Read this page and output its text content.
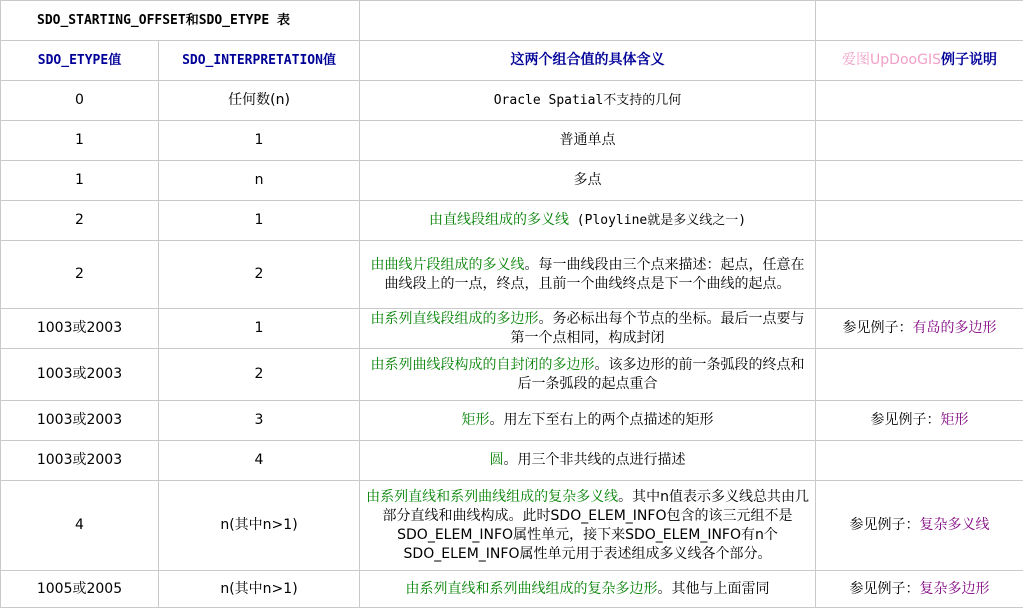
SDO_STARTING_OFFSET和SDO_ETYPE 表			
SDO_ETYPE值	SDO_INTERPRETATION值	这两个组合值的具体含义	爱图UpDooGIS例子说明
0	任何数(n)	Oracle Spatial不支持的几何	
1	1	普通单点	
1	n	多点	
2	1	由直线段组成的多义线 (Ployline就是多义线之一)	
2	2	由曲线片段组成的多义线。每一曲线段由三个点来描述：起点，任意在曲线段上的一点，终点，且前一个曲线终点是下一个曲线的起点。	
1003或2003	1	由系列直线段组成的多边形。务必标出每个节点的坐标。最后一点要与第一个点相同，构成封闭	参见例子：有岛的多边形
1003或2003	2	由系列曲线段构成的自封闭的多边形。该多边形的前一条弧段的终点和后一条弧段的起点重合	
1003或2003	3	矩形。用左下至右上的两个点描述的矩形	参见例子：矩形
1003或2003	4	圆。用三个非共线的点进行描述	
4	n(其中n>1)	由系列直线和系列曲线组成的复杂多义线。其中n值表示多义线总共由几部分直线和曲线构成。此时SDO_ELEM_INFO包含的该三元组不是SDO_ELEM_INFO属性单元，接下来SDO_ELEM_INFO有n个SDO_ELEM_INFO属性单元用于表述组成多义线各个部分。	参见例子：复杂多义线
1005或2005	n(其中n>1)	由系列直线和系列曲线组成的复杂多边形。其他与上面雷同	参见例子：复杂多边形
